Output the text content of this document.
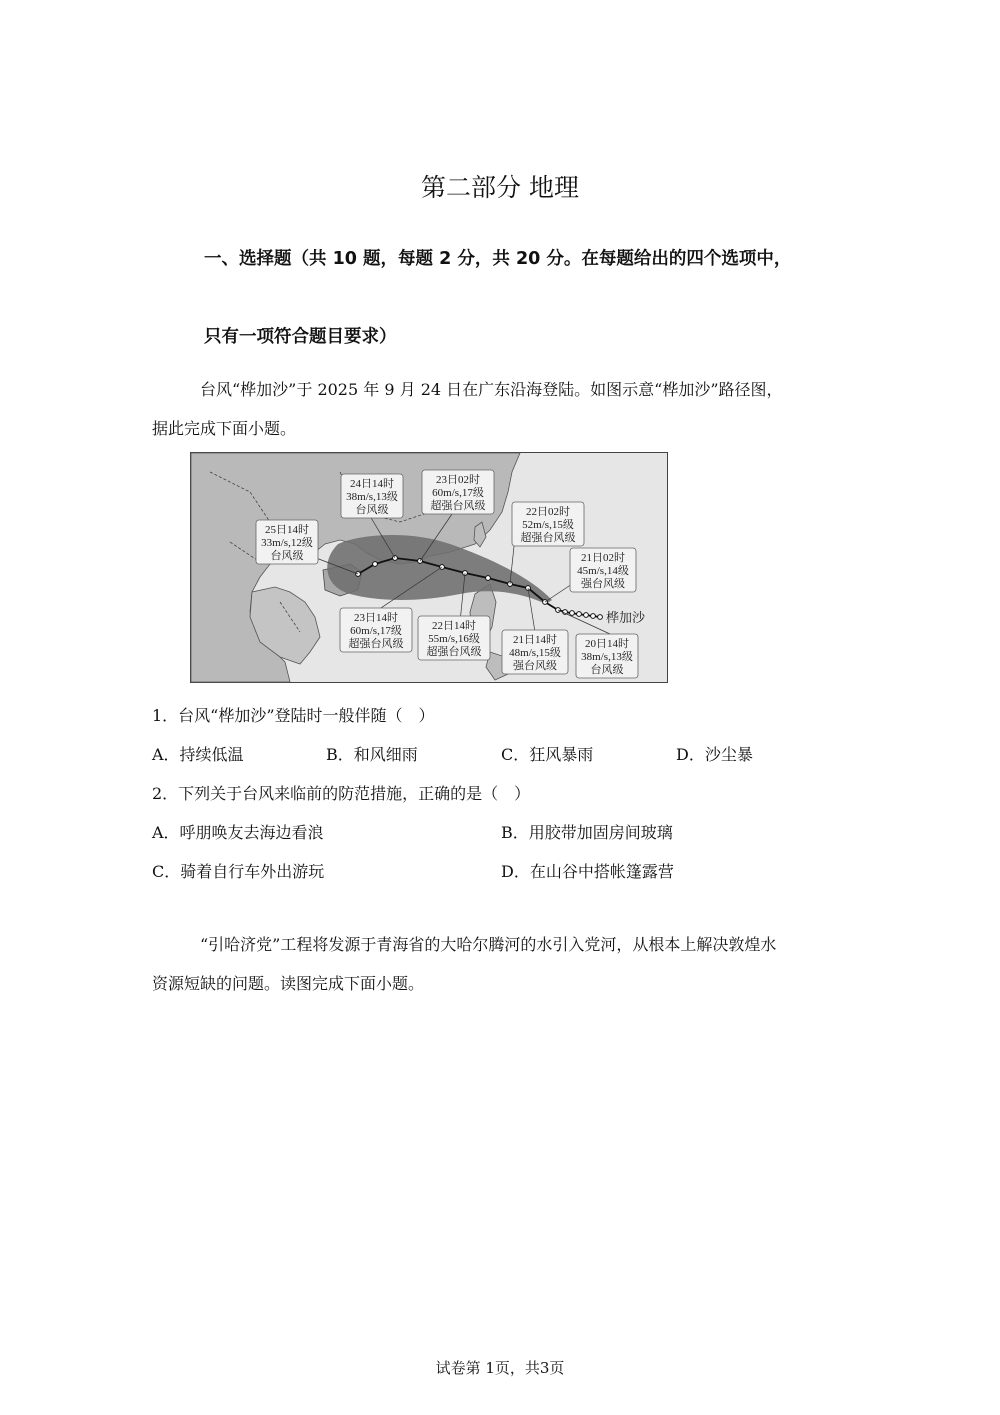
第二部分 地理
一、选择题（共 10 题，每题 2 分，共 20 分。在每题给出的四个选项中，
只有一项符合题目要求）
台风“桦加沙”于 2025 年 9 月 24 日在广东沿海登陆。如图示意“桦加沙”路径图，
据此完成下面小题。
桦加沙
24日14时
38m/s,13级
台风级
23日02时
60m/s,17级
超强台风级	22日02时
52m/s,15级
超强台风级
25日14时
33m/s,12级
台风级	21日02时
45m/s,14级
强台风级
23日14时
60m/s,17级
超强台风级
22日14时
55m/s,16级
超强台风级
21日14时
48m/s,15级
强台风级
20日14时
38m/s,13级
台风级
1．台风“桦加沙”登陆时一般伴随（　）
A．持续低温	B．和风细雨	C．狂风暴雨	D．沙尘暴
2．下列关于台风来临前的防范措施，正确的是（　）
A．呼朋唤友去海边看浪	B．用胶带加固房间玻璃
C．骑着自行车外出游玩	D．在山谷中搭帐篷露营
“引哈济党”工程将发源于青海省的大哈尔腾河的水引入党河，从根本上解决敦煌水
资源短缺的问题。读图完成下面小题。
试卷第 1页，共3页
